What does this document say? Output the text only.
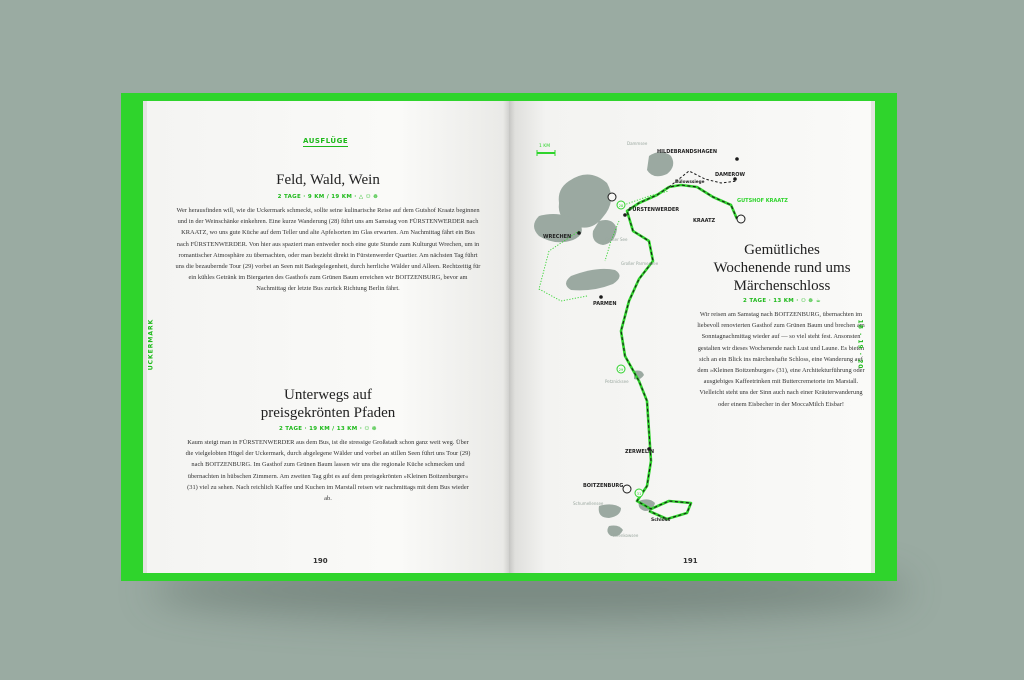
AUSFLÜGE
UCKERMARK
Feld, Wald, Wein
2 TAGE · 9 KM / 19 KM · △ ⚇ ☸
Wer herausfinden will, wie die Uckermark schmeckt, sollte seine kulinarische Reise auf dem Gutshof Kraatz beginnen und in der Weinschänke einkehren. Eine kurze Wanderung (28) führt uns am Samstag von FÜRSTENWERDER nach KRAATZ, wo uns gute Küche auf dem Teller und alte Apfelsorten im Glas erwarten. Am Nachmittag fährt ein Bus nach FÜRSTENWERDER. Von hier aus spaziert man entweder noch eine gute Stunde zum Kulturgut Wrechen, um in romantischer Atmosphäre zu übernachten, oder man bezieht direkt in Fürstenwerder Quartier. Am nächsten Tag führt uns die bezaubernde Tour (29) vorbei an Seen mit Badegelegenheit, durch herrliche Wälder und Alleen. Rechtzeitig für ein kühles Getränk im Biergarten des Gasthofs zum Grünen Baum erreichen wir BOITZENBURG, bevor am Nachmittag der letzte Bus zurück Richtung Berlin fährt.
Unterwegs auf
preisgekrönten Pfaden
2 TAGE · 19 KM / 13 KM · ⚇ ☸
Kaum steigt man in FÜRSTENWERDER aus dem Bus, ist die stressige Großstadt schon ganz weit weg. Über die vielgelobten Hügel der Uckermark, durch abgelegene Wälder und vorbei an stillen Seen führt uns Tour (29) nach BOITZENBURG. Im Gasthof zum Grünen Baum lassen wir uns die regionale Küche schmecken und übernachten in hübschen Zimmern. Am zweiten Tag gibt es auf dem preisgekrönten »Kleinen Boitzenburger« (31) viel zu sehen. Nach reichlich Kaffee und Kuchen im Marstall reisen wir nachmittags mit dem Bus wieder ab.
190
1 KM
28
29
31
HILDEBRANDSHAGEN
DAMEROW
GUTSHOF KRAATZ
KRAATZ
FÜRSTENWERDER
WRECHEN
PARMEN
ZERWELIN
BOITZENBURG
Schloss
Bülowssiege
Dammsee
Großer See
Großer Parmensee
Petznicksee
Schumellensee
Krienkowsee
Gemütliches
Wochenende rund ums
Märchenschloss
2 TAGE · 13 KM · ⚇ ☸ ☕
Wir reisen am Samstag nach BOITZENBURG, übernachten im liebevoll renovierten Gasthof zum Grünen Baum und brechen am Sonntagnachmittag wieder auf — so viel steht fest. Ansonsten gestalten wir dieses Wochenende nach Lust und Laune. Es bieten sich an ein Blick ins märchenhafte Schloss, eine Wanderung auf dem »Kleinen Boitzenburger« (31), eine Architekturführung oder ausgiebiges Kaffeetrinken mit Buttercremetorte im Marstall. Vielleicht steht uns der Sinn auch nach einer Kräuterwanderung oder einem Eisbecher in der MoccaMilch Eisbar!
18 · 19 · 20
191
